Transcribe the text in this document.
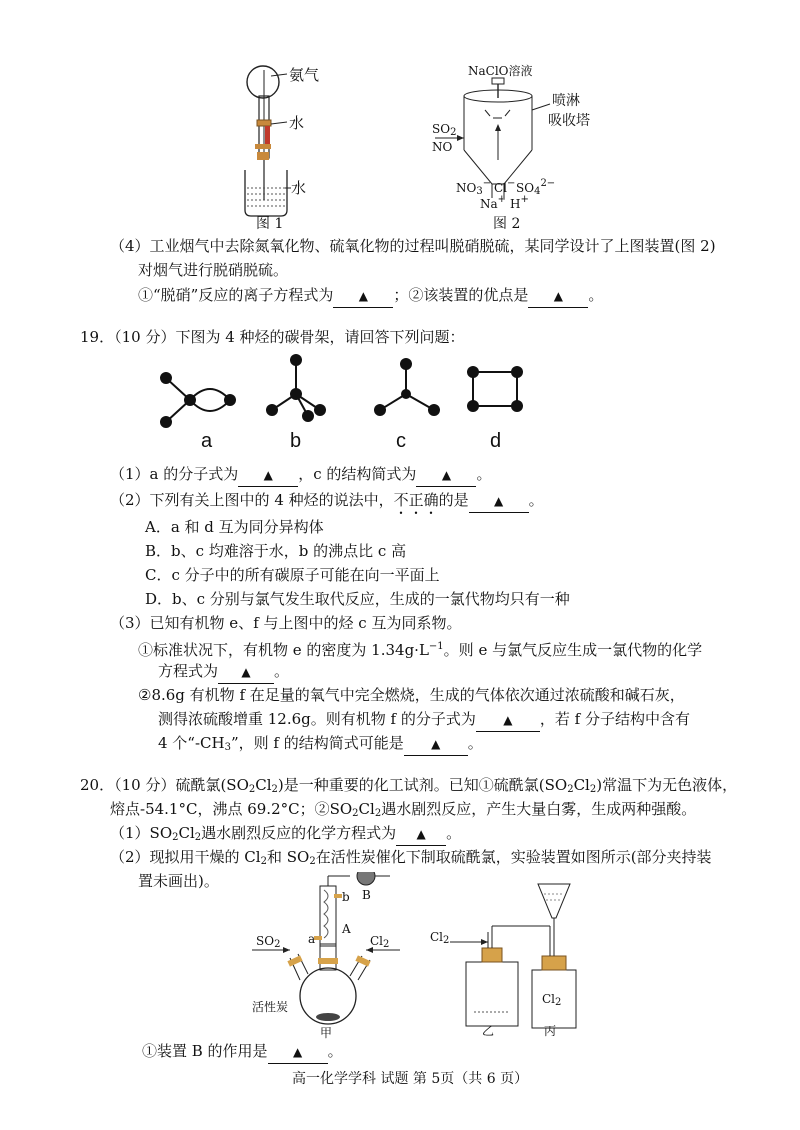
氨气
水
水
图 1
NaClO溶液
喷淋
吸收塔
$SO_2$
NO
$NO_3^-$ Cl− $SO_4^{2-}$
Na+ H+
图 2
（4）工业烟气中去除氮氧化物、硫氧化物的过程叫脱硝脱硫，某同学设计了上图装置(图 2)
对烟气进行脱硝脱硫。
①“脱硝”反应的离子方程式为 ▲ ；②该装置的优点是 ▲ 。
19．（10 分）下图为 4 种烃的碳骨架，请回答下列问题：
a	b	c	d
（1）a 的分子式为 ▲ ，c 的结构简式为 ▲ 。
（2）下列有关上图中的 4 种烃的说法中，不正确的是 ▲ 。
A．a 和 d 互为同分异构体
B．b、c 均难溶于水，b 的沸点比 c 高
C．c 分子中的所有碳原子可能在向一平面上
D．b、c 分别与氯气发生取代反应，生成的一氯代物均只有一种
（3）已知有机物 e、f 与上图中的烃 c 互为同系物。
①标准状况下，有机物 e 的密度为 $1.34g\cdot L^{-1}$。则 e 与氯气反应生成一氯代物的化学
方程式为 ▲ 。
②8.6g 有机物 f 在足量的氧气中完全燃烧，生成的气体依次通过浓硫酸和碱石灰，
测得浓硫酸增重 12.6g。则有机物 f 的分子式为 ▲ ，若 f 分子结构中含有
4 个“$-CH_3$”，则 f 的结构简式可能是 ▲ 。
20．（10 分）硫酰氯$(SO_2Cl_2)$是一种重要的化工试剂。已知①硫酰氯$(SO_2Cl_2)$常温下为无色液体，
熔点-54.1°C，沸点 69.2°C；$②SO_2Cl_2$遇水剧烈反应，产生大量白雾，生成两种强酸。
$(1)SO_2Cl_2$遇水剧烈反应的化学方程式为 ▲ 。
（2）现拟用干燥的 $Cl_2$和 $SO_2$在活性炭催化下制取硫酰氯，实验装置如图所示(部分夹持装
置未画出)。
$SO_2$	$Cl_2$
a
b
A
B
活性炭
甲
$Cl_2$
乙
$Cl_2$
丙
①装置 B 的作用是 ▲ 。
高一化学学科 试题 第 5页（共 6 页）
